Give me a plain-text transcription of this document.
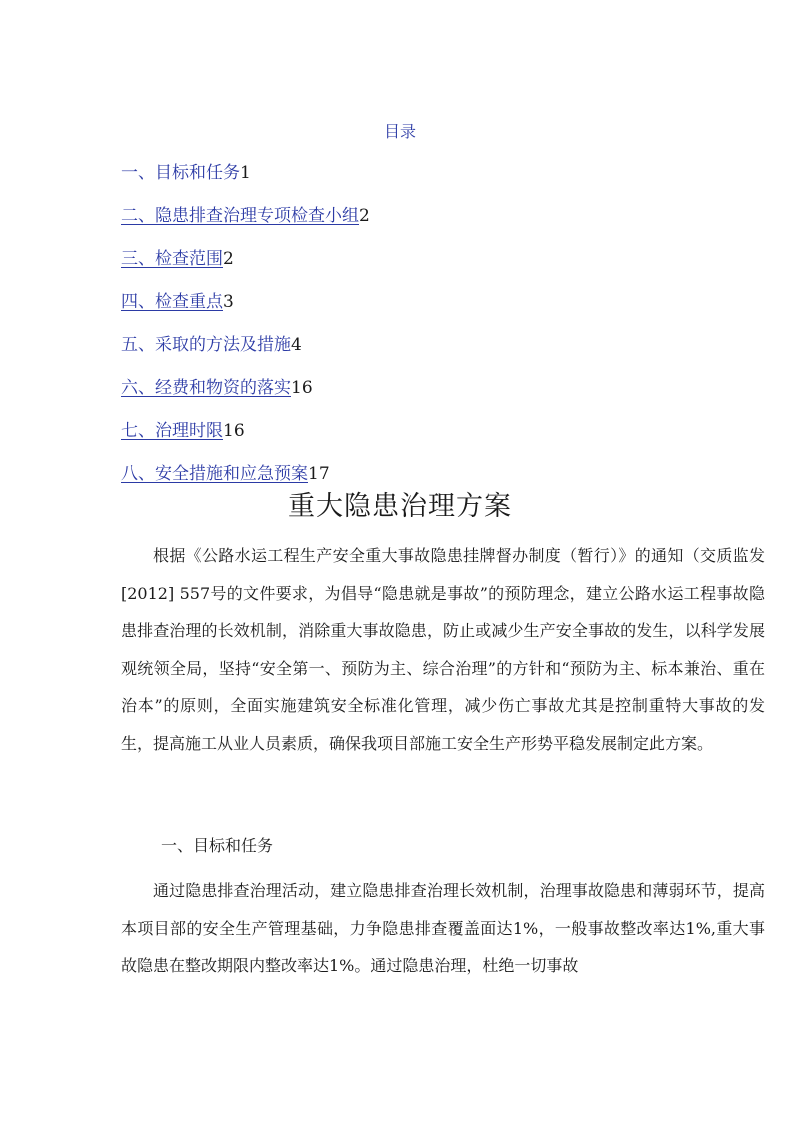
目录
一、目标和任务1
二、隐患排查治理专项检查小组2
三、检查范围2
四、检查重点3
五、采取的方法及措施4
六、经费和物资的落实16
七、治理时限16
八、安全措施和应急预案17
重大隐患治理方案

根据《公路水运工程生产安全重大事故隐患挂牌督办制度（暂行）》的通知（交质监发[2012] 557号的文件要求，为倡导“隐患就是事故”的预防理念，建立公路水运工程事故隐患排查治理的长效机制，消除重大事故隐患，防止或减少生产安全事故的发生，以科学发展观统领全局，坚持“安全第一、预防为主、综合治理”的方针和“预防为主、标本兼治、重在治本”的原则，全面实施建筑安全标准化管理，减少伤亡事故尤其是控制重特大事故的发生，提高施工从业人员素质，确保我项目部施工安全生产形势平稳发展制定此方案。

一、目标和任务

通过隐患排查治理活动，建立隐患排查治理长效机制，治理事故隐患和薄弱环节，提高本项目部的安全生产管理基础，力争隐患排查覆盖面达1%，一般事故整改率达1%,重大事故隐患在整改期限内整改率达1%。通过隐患治理，杜绝一切事故
